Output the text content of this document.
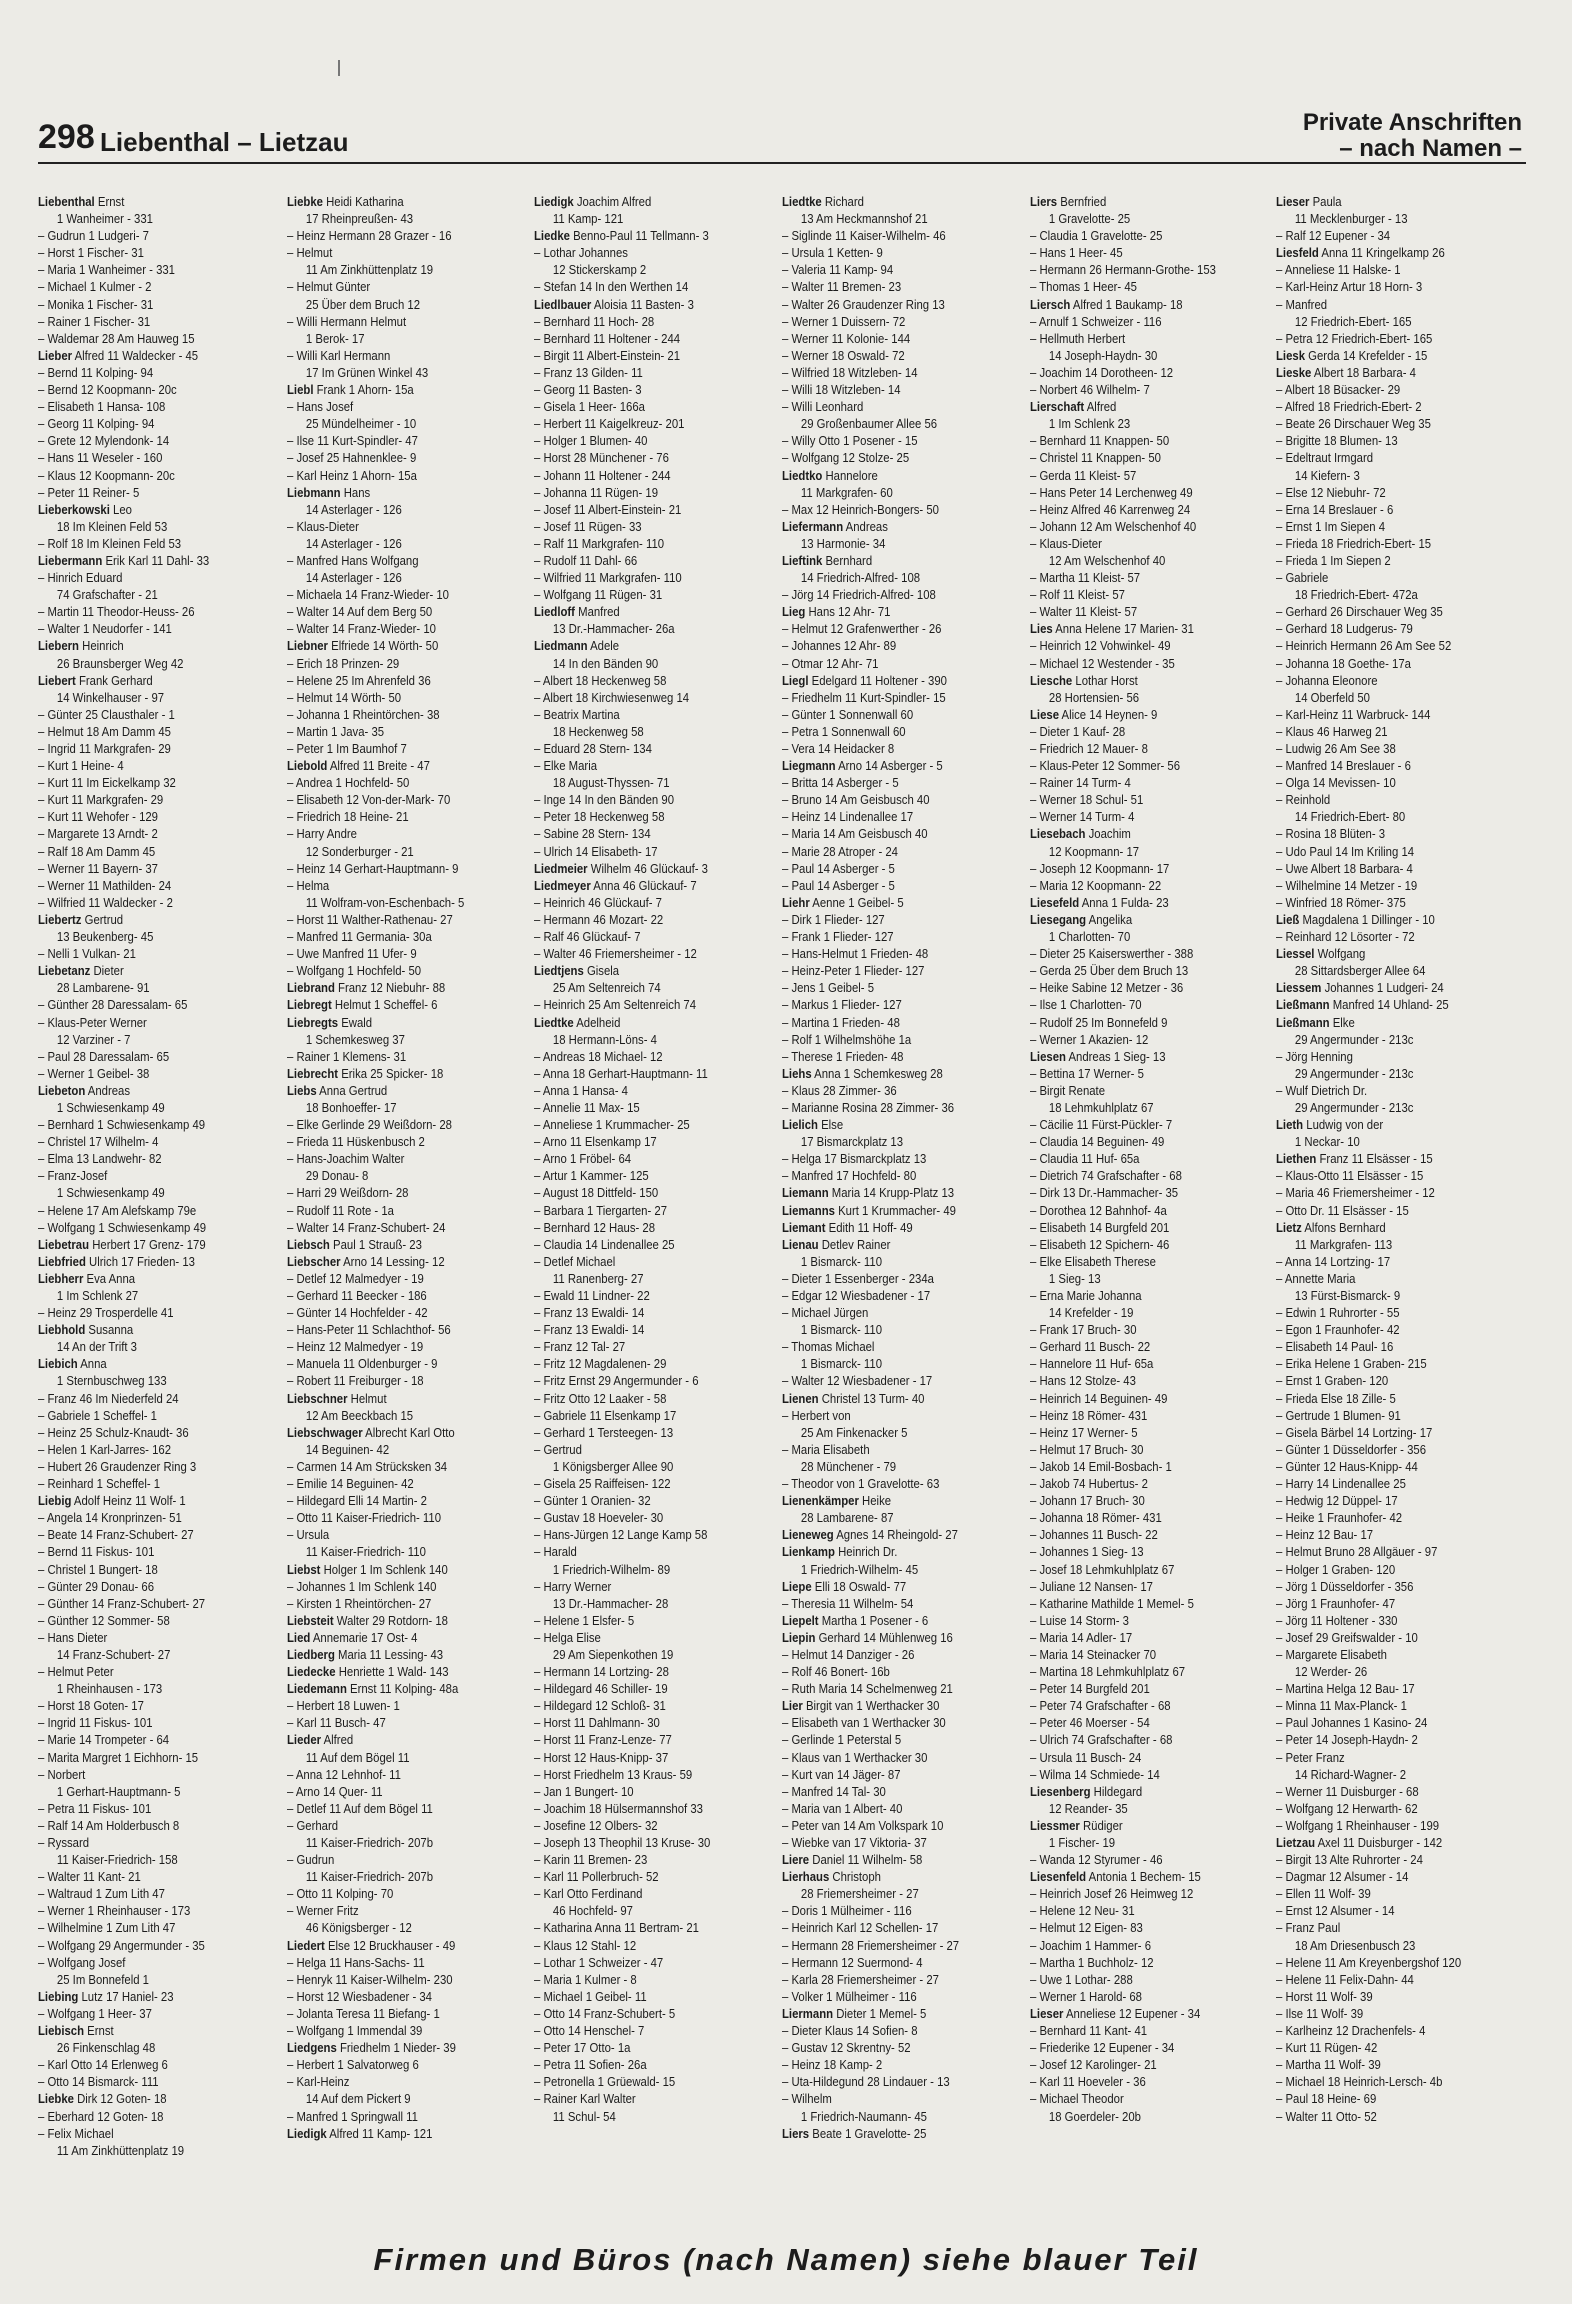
298 Liebenthal – Lietzau
Private Anschriften
– nach Namen –
Liebenthal Ernst
1 Wanheimer - 331
– Gudrun 1 Ludgeri- 7
– Horst 1 Fischer- 31
– Maria 1 Wanheimer - 331
– Michael 1 Kulmer - 2
– Monika 1 Fischer- 31
– Rainer 1 Fischer- 31
– Waldemar 28 Am Hauweg 15
Lieber Alfred 11 Waldecker - 45
– Bernd 11 Kolping- 94
– Bernd 12 Koopmann- 20c
– Elisabeth 1 Hansa- 108
– Georg 11 Kolping- 94
– Grete 12 Mylendonk- 14
– Hans 11 Weseler - 160
– Klaus 12 Koopmann- 20c
– Peter 11 Reiner- 5
Lieberkowski Leo
18 Im Kleinen Feld 53
– Rolf 18 Im Kleinen Feld 53
Liebermann Erik Karl 11 Dahl- 33
– Hinrich Eduard
74 Grafschafter - 21
– Martin 11 Theodor-Heuss- 26
– Walter 1 Neudorfer - 141
Liebern Heinrich
26 Braunsberger Weg 42
Liebert Frank Gerhard
14 Winkelhauser - 97
– Günter 25 Clausthaler - 1
– Helmut 18 Am Damm 45
– Ingrid 11 Markgrafen- 29
– Kurt 1 Heine- 4
– Kurt 11 Im Eickelkamp 32
– Kurt 11 Markgrafen- 29
– Kurt 11 Wehofer - 129
– Margarete 13 Arndt- 2
– Ralf 18 Am Damm 45
– Werner 11 Bayern- 37
– Werner 11 Mathilden- 24
– Wilfried 11 Waldecker - 2
Liebertz Gertrud
13 Beukenberg- 45
– Nelli 1 Vulkan- 21
Liebetanz Dieter
28 Lambarene- 91
– Günther 28 Daressalam- 65
– Klaus-Peter Werner
12 Varziner - 7
– Paul 28 Daressalam- 65
– Werner 1 Geibel- 38
Liebeton Andreas
1 Schwiesenkamp 49
– Bernhard 1 Schwiesenkamp 49
– Christel 17 Wilhelm- 4
– Elma 13 Landwehr- 82
– Franz-Josef
1 Schwiesenkamp 49
– Helene 17 Am Alefskamp 79e
– Wolfgang 1 Schwiesenkamp 49
Liebetrau Herbert 17 Grenz- 179
Liebfried Ulrich 17 Frieden- 13
Liebherr Eva Anna
1 Im Schlenk 27
– Heinz 29 Trosperdelle 41
Liebhold Susanna
14 An der Trift 3
Liebich Anna
1 Sternbuschweg 133
– Franz 46 Im Niederfeld 24
– Gabriele 1 Scheffel- 1
– Heinz 25 Schulz-Knaudt- 36
– Helen 1 Karl-Jarres- 162
– Hubert 26 Graudenzer Ring 3
– Reinhard 1 Scheffel- 1
Liebig Adolf Heinz 11 Wolf- 1
– Angela 14 Kronprinzen- 51
– Beate 14 Franz-Schubert- 27
– Bernd 11 Fiskus- 101
– Christel 1 Bungert- 18
– Günter 29 Donau- 66
– Günther 14 Franz-Schubert- 27
– Günther 12 Sommer- 58
– Hans Dieter
14 Franz-Schubert- 27
– Helmut Peter
1 Rheinhausen - 173
– Horst 18 Goten- 17
– Ingrid 11 Fiskus- 101
– Marie 14 Trompeter - 64
– Marita Margret 1 Eichhorn- 15
– Norbert
1 Gerhart-Hauptmann- 5
– Petra 11 Fiskus- 101
– Ralf 14 Am Holderbusch 8
– Ryssard
11 Kaiser-Friedrich- 158
– Walter 11 Kant- 21
– Waltraud 1 Zum Lith 47
– Werner 1 Rheinhauser - 173
– Wilhelmine 1 Zum Lith 47
– Wolfgang 29 Angermunder - 35
– Wolfgang Josef
25 Im Bonnefeld 1
Liebing Lutz 17 Haniel- 23
– Wolfgang 1 Heer- 37
Liebisch Ernst
26 Finkenschlag 48
– Karl Otto 14 Erlenweg 6
– Otto 14 Bismarck- 111
Liebke Dirk 12 Goten- 18
– Eberhard 12 Goten- 18
– Felix Michael
11 Am Zinkhüttenplatz 19
Liebke Heidi Katharina
17 Rheinpreußen- 43
– Heinz Hermann 28 Grazer - 16
– Helmut
11 Am Zinkhüttenplatz 19
– Helmut Günter
25 Über dem Bruch 12
– Willi Hermann Helmut
1 Berok- 17
– Willi Karl Hermann
17 Im Grünen Winkel 43
Liebl Frank 1 Ahorn- 15a
– Hans Josef
25 Mündelheimer - 10
– Ilse 11 Kurt-Spindler- 47
– Josef 25 Hahnenklee- 9
– Karl Heinz 1 Ahorn- 15a
Liebmann Hans
14 Asterlager - 126
– Klaus-Dieter
14 Asterlager - 126
– Manfred Hans Wolfgang
14 Asterlager - 126
– Michaela 14 Franz-Wieder- 10
– Walter 14 Auf dem Berg 50
– Walter 14 Franz-Wieder- 10
Liebner Elfriede 14 Wörth- 50
– Erich 18 Prinzen- 29
– Helene 25 Im Ahrenfeld 36
– Helmut 14 Wörth- 50
– Johanna 1 Rheintörchen- 38
– Martin 1 Java- 35
– Peter 1 Im Baumhof 7
Liebold Alfred 11 Breite - 47
– Andrea 1 Hochfeld- 50
– Elisabeth 12 Von-der-Mark- 70
– Friedrich 18 Heine- 21
– Harry Andre
12 Sonderburger - 21
– Heinz 14 Gerhart-Hauptmann- 9
– Helma
11 Wolfram-von-Eschenbach- 5
– Horst 11 Walther-Rathenau- 27
– Manfred 11 Germania- 30a
– Uwe Manfred 11 Ufer- 9
– Wolfgang 1 Hochfeld- 50
Liebrand Franz 12 Niebuhr- 88
Liebregt Helmut 1 Scheffel- 6
Liebregts Ewald
1 Schemkesweg 37
– Rainer 1 Klemens- 31
Liebrecht Erika 25 Spicker- 18
Liebs Anna Gertrud
18 Bonhoeffer- 17
– Elke Gerlinde 29 Weißdorn- 28
– Frieda 11 Hüskenbusch 2
– Hans-Joachim Walter
29 Donau- 8
– Harri 29 Weißdorn- 28
– Rudolf 11 Rote - 1a
– Walter 14 Franz-Schubert- 24
Liebsch Paul 1 Strauß- 23
Liebscher Arno 14 Lessing- 12
– Detlef 12 Malmedyer - 19
– Gerhard 11 Beecker - 186
– Günter 14 Hochfelder - 42
– Hans-Peter 11 Schlachthof- 56
– Heinz 12 Malmedyer - 19
– Manuela 11 Oldenburger - 9
– Robert 11 Freiburger - 18
Liebschner Helmut
12 Am Beeckbach 15
Liebschwager Albrecht Karl Otto
14 Beguinen- 42
– Carmen 14 Am Strücksken 34
– Emilie 14 Beguinen- 42
– Hildegard Elli 14 Martin- 2
– Otto 11 Kaiser-Friedrich- 110
– Ursula
11 Kaiser-Friedrich- 110
Liebst Holger 1 Im Schlenk 140
– Johannes 1 Im Schlenk 140
– Kirsten 1 Rheintörchen- 27
Liebsteit Walter 29 Rotdorn- 18
Lied Annemarie 17 Ost- 4
Liedberg Maria 11 Lessing- 43
Liedecke Henriette 1 Wald- 143
Liedemann Ernst 11 Kolping- 48a
– Herbert 18 Luwen- 1
– Karl 11 Busch- 47
Lieder Alfred
11 Auf dem Bögel 11
– Anna 12 Lehnhof- 11
– Arno 14 Quer- 11
– Detlef 11 Auf dem Bögel 11
– Gerhard
11 Kaiser-Friedrich- 207b
– Gudrun
11 Kaiser-Friedrich- 207b
– Otto 11 Kolping- 70
– Werner Fritz
46 Königsberger - 12
Liedert Else 12 Bruckhauser - 49
– Helga 11 Hans-Sachs- 11
– Henryk 11 Kaiser-Wilhelm- 230
– Horst 12 Wiesbadener - 34
– Jolanta Teresa 11 Biefang- 1
– Wolfgang 1 Immendal 39
Liedgens Friedhelm 1 Nieder- 39
– Herbert 1 Salvatorweg 6
– Karl-Heinz
14 Auf dem Pickert 9
– Manfred 1 Springwall 11
Liedigk Alfred 11 Kamp- 121
Liedigk Joachim Alfred
11 Kamp- 121
Liedke Benno-Paul 11 Tellmann- 3
– Lothar Johannes
12 Stickerskamp 2
– Stefan 14 In den Werthen 14
Liedlbauer Aloisia 11 Basten- 3
– Bernhard 11 Hoch- 28
– Bernhard 11 Holtener - 244
– Birgit 11 Albert-Einstein- 21
– Franz 13 Gilden- 11
– Georg 11 Basten- 3
– Gisela 1 Heer- 166a
– Herbert 11 Kaigelkreuz- 201
– Holger 1 Blumen- 40
– Horst 28 Münchener - 76
– Johann 11 Holtener - 244
– Johanna 11 Rügen- 19
– Josef 11 Albert-Einstein- 21
– Josef 11 Rügen- 33
– Ralf 11 Markgrafen- 110
– Rudolf 11 Dahl- 66
– Wilfried 11 Markgrafen- 110
– Wolfgang 11 Rügen- 31
Liedloff Manfred
13 Dr.-Hammacher- 26a
Liedmann Adele
14 In den Bänden 90
– Albert 18 Heckenweg 58
– Albert 18 Kirchwiesenweg 14
– Beatrix Martina
18 Heckenweg 58
– Eduard 28 Stern- 134
– Elke Maria
18 August-Thyssen- 71
– Inge 14 In den Bänden 90
– Peter 18 Heckenweg 58
– Sabine 28 Stern- 134
– Ulrich 14 Elisabeth- 17
Liedmeier Wilhelm 46 Glückauf- 3
Liedmeyer Anna 46 Glückauf- 7
– Heinrich 46 Glückauf- 7
– Hermann 46 Mozart- 22
– Ralf 46 Glückauf- 7
– Walter 46 Friemersheimer - 12
Liedtjens Gisela
25 Am Seltenreich 74
– Heinrich 25 Am Seltenreich 74
Liedtke Adelheid
18 Hermann-Löns- 4
– Andreas 18 Michael- 12
– Anna 18 Gerhart-Hauptmann- 11
– Anna 1 Hansa- 4
– Annelie 11 Max- 15
– Anneliese 1 Krummacher- 25
– Arno 11 Elsenkamp 17
– Arno 1 Fröbel- 64
– Artur 1 Kammer- 125
– August 18 Dittfeld- 150
– Barbara 1 Tiergarten- 27
– Bernhard 12 Haus- 28
– Claudia 14 Lindenallee 25
– Detlef Michael
11 Ranenberg- 27
– Ewald 11 Lindner- 22
– Franz 13 Ewaldi- 14
– Franz 13 Ewaldi- 14
– Franz 12 Tal- 27
– Fritz 12 Magdalenen- 29
– Fritz Ernst 29 Angermunder - 6
– Fritz Otto 12 Laaker - 58
– Gabriele 11 Elsenkamp 17
– Gerhard 1 Tersteegen- 13
– Gertrud
1 Königsberger Allee 90
– Gisela 25 Raiffeisen- 122
– Günter 1 Oranien- 32
– Gustav 18 Hoeveler- 30
– Hans-Jürgen 12 Lange Kamp 58
– Harald
1 Friedrich-Wilhelm- 89
– Harry Werner
13 Dr.-Hammacher- 28
– Helene 1 Elsfer- 5
– Helga Elise
29 Am Siepenkothen 19
– Hermann 14 Lortzing- 28
– Hildegard 46 Schiller- 19
– Hildegard 12 Schloß- 31
– Horst 11 Dahlmann- 30
– Horst 11 Franz-Lenze- 77
– Horst 12 Haus-Knipp- 37
– Horst Friedhelm 13 Kraus- 59
– Jan 1 Bungert- 10
– Joachim 18 Hülsermannshof 33
– Josefine 12 Olbers- 32
– Joseph 13 Theophil 13 Kruse- 30
– Karin 11 Bremen- 23
– Karl 11 Pollerbruch- 52
– Karl Otto Ferdinand
46 Hochfeld- 97
– Katharina Anna 11 Bertram- 21
– Klaus 12 Stahl- 12
– Lothar 1 Schweizer - 47
– Maria 1 Kulmer - 8
– Michael 1 Geibel- 11
– Otto 14 Franz-Schubert- 5
– Otto 14 Henschel- 7
– Peter 17 Otto- 1a
– Petra 11 Sofien- 26a
– Petronella 1 Grüewald- 15
– Rainer Karl Walter
11 Schul- 54
Liedtke Richard
13 Am Heckmannshof 21
– Siglinde 11 Kaiser-Wilhelm- 46
– Ursula 1 Ketten- 9
– Valeria 11 Kamp- 94
– Walter 11 Bremen- 23
– Walter 26 Graudenzer Ring 13
– Werner 1 Duissern- 72
– Werner 11 Kolonie- 144
– Werner 18 Oswald- 72
– Wilfried 18 Witzleben- 14
– Willi 18 Witzleben- 14
– Willi Leonhard
29 Großenbaumer Allee 56
– Willy Otto 1 Posener - 15
– Wolfgang 12 Stolze- 25
Liedtko Hannelore
11 Markgrafen- 60
– Max 12 Heinrich-Bongers- 50
Liefermann Andreas
13 Harmonie- 34
Lieftink Bernhard
14 Friedrich-Alfred- 108
– Jörg 14 Friedrich-Alfred- 108
Lieg Hans 12 Ahr- 71
– Helmut 12 Grafenwerther - 26
– Johannes 12 Ahr- 89
– Otmar 12 Ahr- 71
Liegl Edelgard 11 Holtener - 390
– Friedhelm 11 Kurt-Spindler- 15
– Günter 1 Sonnenwall 60
– Petra 1 Sonnenwall 60
– Vera 14 Heidacker 8
Liegmann Arno 14 Asberger - 5
– Britta 14 Asberger - 5
– Bruno 14 Am Geisbusch 40
– Heinz 14 Lindenallee 17
– Maria 14 Am Geisbusch 40
– Marie 28 Atroper - 24
– Paul 14 Asberger - 5
– Paul 14 Asberger - 5
Liehr Aenne 1 Geibel- 5
– Dirk 1 Flieder- 127
– Frank 1 Flieder- 127
– Hans-Helmut 1 Frieden- 48
– Heinz-Peter 1 Flieder- 127
– Jens 1 Geibel- 5
– Markus 1 Flieder- 127
– Martina 1 Frieden- 48
– Rolf 1 Wilhelmshöhe 1a
– Therese 1 Frieden- 48
Liehs Anna 1 Schemkesweg 28
– Klaus 28 Zimmer- 36
– Marianne Rosina 28 Zimmer- 36
Lielich Else
17 Bismarckplatz 13
– Helga 17 Bismarckplatz 13
– Manfred 17 Hochfeld- 80
Liemann Maria 14 Krupp-Platz 13
Liemanns Kurt 1 Krummacher- 49
Liemant Edith 11 Hoff- 49
Lienau Detlev Rainer
1 Bismarck- 110
– Dieter 1 Essenberger - 234a
– Edgar 12 Wiesbadener - 17
– Michael Jürgen
1 Bismarck- 110
– Thomas Michael
1 Bismarck- 110
– Walter 12 Wiesbadener - 17
Lienen Christel 13 Turm- 40
– Herbert von
25 Am Finkenacker 5
– Maria Elisabeth
28 Münchener - 79
– Theodor von 1 Gravelotte- 63
Lienenkämper Heike
28 Lambarene- 87
Lieneweg Agnes 14 Rheingold- 27
Lienkamp Heinrich Dr.
1 Friedrich-Wilhelm- 45
Liepe Elli 18 Oswald- 77
– Theresia 11 Wilhelm- 54
Liepelt Martha 1 Posener - 6
Liepin Gerhard 14 Mühlenweg 16
– Helmut 14 Danziger - 26
– Rolf 46 Bonert- 16b
– Ruth Maria 14 Schelmenweg 21
Lier Birgit van 1 Werthacker 30
– Elisabeth van 1 Werthacker 30
– Gerlinde 1 Peterstal 5
– Klaus van 1 Werthacker 30
– Kurt van 14 Jäger- 87
– Manfred 14 Tal- 30
– Maria van 1 Albert- 40
– Peter van 14 Am Volkspark 10
– Wiebke van 17 Viktoria- 37
Liere Daniel 11 Wilhelm- 58
Lierhaus Christoph
28 Friemersheimer - 27
– Doris 1 Mülheimer - 116
– Heinrich Karl 12 Schellen- 17
– Hermann 28 Friemersheimer - 27
– Hermann 12 Suermond- 4
– Karla 28 Friemersheimer - 27
– Volker 1 Mülheimer - 116
Liermann Dieter 1 Memel- 5
– Dieter Klaus 14 Sofien- 8
– Gustav 12 Skrentny- 52
– Heinz 18 Kamp- 2
– Uta-Hildegund 28 Lindauer - 13
– Wilhelm
1 Friedrich-Naumann- 45
Liers Beate 1 Gravelotte- 25
Liers Bernfried
1 Gravelotte- 25
– Claudia 1 Gravelotte- 25
– Hans 1 Heer- 45
– Hermann 26 Hermann-Grothe- 153
– Thomas 1 Heer- 45
Liersch Alfred 1 Baukamp- 18
– Arnulf 1 Schweizer - 116
– Hellmuth Herbert
14 Joseph-Haydn- 30
– Joachim 14 Dorotheen- 12
– Norbert 46 Wilhelm- 7
Lierschaft Alfred
1 Im Schlenk 23
– Bernhard 11 Knappen- 50
– Christel 11 Knappen- 50
– Gerda 11 Kleist- 57
– Hans Peter 14 Lerchenweg 49
– Heinz Alfred 46 Karrenweg 24
– Johann 12 Am Welschenhof 40
– Klaus-Dieter
12 Am Welschenhof 40
– Martha 11 Kleist- 57
– Rolf 11 Kleist- 57
– Walter 11 Kleist- 57
Lies Anna Helene 17 Marien- 31
– Heinrich 12 Vohwinkel- 49
– Michael 12 Westender - 35
Liesche Lothar Horst
28 Hortensien- 56
Liese Alice 14 Heynen- 9
– Dieter 1 Kauf- 28
– Friedrich 12 Mauer- 8
– Klaus-Peter 12 Sommer- 56
– Rainer 14 Turm- 4
– Werner 18 Schul- 51
– Werner 14 Turm- 4
Liesebach Joachim
12 Koopmann- 17
– Joseph 12 Koopmann- 17
– Maria 12 Koopmann- 22
Liesefeld Anna 1 Fulda- 23
Liesegang Angelika
1 Charlotten- 70
– Dieter 25 Kaiserswerther - 388
– Gerda 25 Über dem Bruch 13
– Heike Sabine 12 Metzer - 36
– Ilse 1 Charlotten- 70
– Rudolf 25 Im Bonnefeld 9
– Werner 1 Akazien- 12
Liesen Andreas 1 Sieg- 13
– Bettina 17 Werner- 5
– Birgit Renate
18 Lehmkuhlplatz 67
– Cäcilie 11 Fürst-Pückler- 7
– Claudia 14 Beguinen- 49
– Claudia 11 Huf- 65a
– Dietrich 74 Grafschafter - 68
– Dirk 13 Dr.-Hammacher- 35
– Dorothea 12 Bahnhof- 4a
– Elisabeth 14 Burgfeld 201
– Elisabeth 12 Spichern- 46
– Elke Elisabeth Therese
1 Sieg- 13
– Erna Marie Johanna
14 Krefelder - 19
– Frank 17 Bruch- 30
– Gerhard 11 Busch- 22
– Hannelore 11 Huf- 65a
– Hans 12 Stolze- 43
– Heinrich 14 Beguinen- 49
– Heinz 18 Römer- 431
– Heinz 17 Werner- 5
– Helmut 17 Bruch- 30
– Jakob 14 Emil-Bosbach- 1
– Jakob 74 Hubertus- 2
– Johann 17 Bruch- 30
– Johanna 18 Römer- 431
– Johannes 11 Busch- 22
– Johannes 1 Sieg- 13
– Josef 18 Lehmkuhlplatz 67
– Juliane 12 Nansen- 17
– Katharine Mathilde 1 Memel- 5
– Luise 14 Storm- 3
– Maria 14 Adler- 17
– Maria 14 Steinacker 70
– Martina 18 Lehmkuhlplatz 67
– Peter 14 Burgfeld 201
– Peter 74 Grafschafter - 68
– Peter 46 Moerser - 54
– Ulrich 74 Grafschafter - 68
– Ursula 11 Busch- 24
– Wilma 14 Schmiede- 14
Liesenberg Hildegard
12 Reander- 35
Liessmer Rüdiger
1 Fischer- 19
– Wanda 12 Styrumer - 46
Liesenfeld Antonia 1 Bechem- 15
– Heinrich Josef 26 Heimweg 12
– Helene 12 Neu- 31
– Helmut 12 Eigen- 83
– Joachim 1 Hammer- 6
– Martha 1 Buchholz- 12
– Uwe 1 Lothar- 288
– Werner 1 Harold- 68
Lieser Anneliese 12 Eupener - 34
– Bernhard 11 Kant- 41
– Friederike 12 Eupener - 34
– Josef 12 Karolinger- 21
– Karl 11 Hoeveler - 36
– Michael Theodor
18 Goerdeler- 20b
Lieser Paula
11 Mecklenburger - 13
– Ralf 12 Eupener - 34
Liesfeld Anna 11 Kringelkamp 26
– Anneliese 11 Halske- 1
– Karl-Heinz Artur 18 Horn- 3
– Manfred
12 Friedrich-Ebert- 165
– Petra 12 Friedrich-Ebert- 165
Liesk Gerda 14 Krefelder - 15
Lieske Albert 18 Barbara- 4
– Albert 18 Büsacker- 29
– Alfred 18 Friedrich-Ebert- 2
– Beate 26 Dirschauer Weg 35
– Brigitte 18 Blumen- 13
– Edeltraut Irmgard
14 Kiefern- 3
– Else 12 Niebuhr- 72
– Erna 14 Breslauer - 6
– Ernst 1 Im Siepen 4
– Frieda 18 Friedrich-Ebert- 15
– Frieda 1 Im Siepen 2
– Gabriele
18 Friedrich-Ebert- 472a
– Gerhard 26 Dirschauer Weg 35
– Gerhard 18 Ludgerus- 79
– Heinrich Hermann 26 Am See 52
– Johanna 18 Goethe- 17a
– Johanna Eleonore
14 Oberfeld 50
– Karl-Heinz 11 Warbruck- 144
– Klaus 46 Harweg 21
– Ludwig 26 Am See 38
– Manfred 14 Breslauer - 6
– Olga 14 Mevissen- 10
– Reinhold
14 Friedrich-Ebert- 80
– Rosina 18 Blüten- 3
– Udo Paul 14 Im Kriling 14
– Uwe Albert 18 Barbara- 4
– Wilhelmine 14 Metzer - 19
– Winfried 18 Römer- 375
Ließ Magdalena 1 Dillinger - 10
– Reinhard 12 Lösorter - 72
Liessel Wolfgang
28 Sittardsberger Allee 64
Liessem Johannes 1 Ludgeri- 24
Ließmann Manfred 14 Uhland- 25
Ließmann Elke
29 Angermunder - 213c
– Jörg Henning
29 Angermunder - 213c
– Wulf Dietrich Dr.
29 Angermunder - 213c
Lieth Ludwig von der
1 Neckar- 10
Liethen Franz 11 Elsässer - 15
– Klaus-Otto 11 Elsässer - 15
– Maria 46 Friemersheimer - 12
– Otto Dr. 11 Elsässer - 15
Lietz Alfons Bernhard
11 Markgrafen- 113
– Anna 14 Lortzing- 17
– Annette Maria
13 Fürst-Bismarck- 9
– Edwin 1 Ruhrorter - 55
– Egon 1 Fraunhofer- 42
– Elisabeth 14 Paul- 16
– Erika Helene 1 Graben- 215
– Ernst 1 Graben- 120
– Frieda Else 18 Zille- 5
– Gertrude 1 Blumen- 91
– Gisela Bärbel 14 Lortzing- 17
– Günter 1 Düsseldorfer - 356
– Günter 12 Haus-Knipp- 44
– Harry 14 Lindenallee 25
– Hedwig 12 Düppel- 17
– Heike 1 Fraunhofer- 42
– Heinz 12 Bau- 17
– Helmut Bruno 28 Allgäuer - 97
– Holger 1 Graben- 120
– Jörg 1 Düsseldorfer - 356
– Jörg 1 Fraunhofer- 47
– Jörg 11 Holtener - 330
– Josef 29 Greifswalder - 10
– Margarete Elisabeth
12 Werder- 26
– Martina Helga 12 Bau- 17
– Minna 11 Max-Planck- 1
– Paul Johannes 1 Kasino- 24
– Peter 14 Joseph-Haydn- 2
– Peter Franz
14 Richard-Wagner- 2
– Werner 11 Duisburger - 68
– Wolfgang 12 Herwarth- 62
– Wolfgang 1 Rheinhauser - 199
Lietzau Axel 11 Duisburger - 142
– Birgit 13 Alte Ruhrorter - 24
– Dagmar 12 Alsumer - 14
– Ellen 11 Wolf- 39
– Ernst 12 Alsumer - 14
– Franz Paul
18 Am Driesenbusch 23
– Helene 11 Am Kreyenbergshof 120
– Helene 11 Felix-Dahn- 44
– Horst 11 Wolf- 39
– Ilse 11 Wolf- 39
– Karlheinz 12 Drachenfels- 4
– Kurt 11 Rügen- 42
– Martha 11 Wolf- 39
– Michael 18 Heinrich-Lersch- 4b
– Paul 18 Heine- 69
– Walter 11 Otto- 52
Firmen und Büros (nach Namen) siehe blauer Teil
